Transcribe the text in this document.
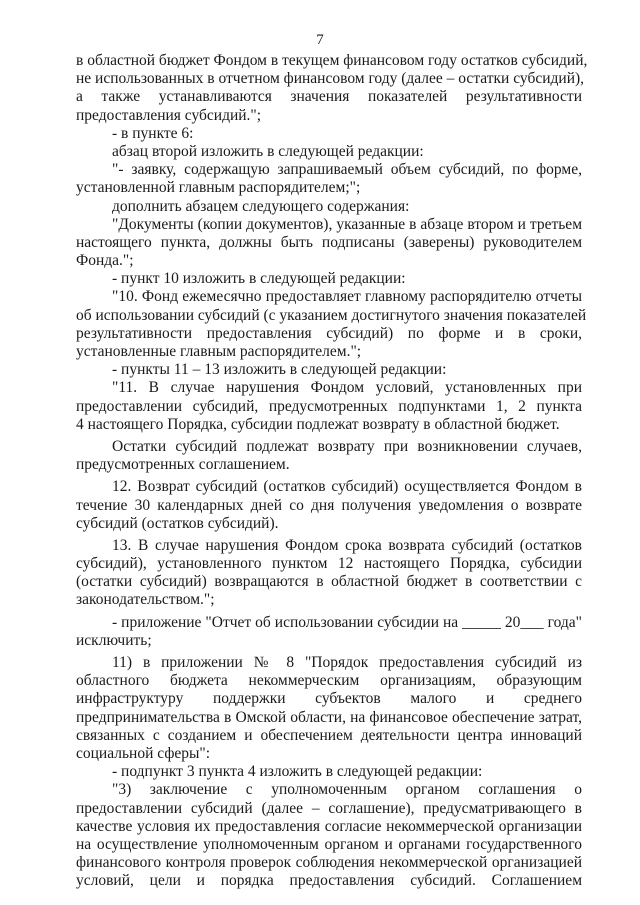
7
в областной бюджет Фондом в текущем финансовом году остатков субсидий,
не использованных в отчетном финансовом году (далее – остатки субсидий),
а также устанавливаются значения показателей результативности
предоставления субсидий.";
- в пункте 6:
абзац второй изложить в следующей редакции:
"- заявку, содержащую запрашиваемый объем субсидий, по форме,
установленной главным распорядителем;";
дополнить абзацем следующего содержания:
"Документы (копии документов), указанные в абзаце втором и третьем
настоящего пункта, должны быть подписаны (заверены) руководителем
Фонда.";
- пункт 10 изложить в следующей редакции:
"10. Фонд ежемесячно предоставляет главному распорядителю отчеты
об использовании субсидий (с указанием достигнутого значения показателей
результативности предоставления субсидий) по форме и в сроки,
установленные главным распорядителем.";
- пункты 11 – 13 изложить в следующей редакции:
"11. В случае нарушения Фондом условий, установленных при
предоставлении субсидий, предусмотренных подпунктами 1, 2 пункта
4 настоящего Порядка, субсидии подлежат возврату в областной бюджет.
Остатки субсидий подлежат возврату при возникновении случаев,
предусмотренных соглашением.
12. Возврат субсидий (остатков субсидий) осуществляется Фондом в
течение 30 календарных дней со дня получения уведомления о возврате
субсидий (остатков субсидий).
13. В случае нарушения Фондом срока возврата субсидий (остатков
субсидий), установленного пунктом 12 настоящего Порядка, субсидии
(остатки субсидий) возвращаются в областной бюджет в соответствии с
законодательством.";
- приложение "Отчет об использовании субсидии на _____ 20___ года"
исключить;
11) в приложении № 8 "Порядок предоставления субсидий из
областного бюджета некоммерческим организациям, образующим
инфраструктуру поддержки субъектов малого и среднего
предпринимательства в Омской области, на финансовое обеспечение затрат,
связанных с созданием и обеспечением деятельности центра инноваций
социальной сферы":
- подпункт 3 пункта 4 изложить в следующей редакции:
"3) заключение с уполномоченным органом соглашения о
предоставлении субсидий (далее – соглашение), предусматривающего в
качестве условия их предоставления согласие некоммерческой организации
на осуществление уполномоченным органом и органами государственного
финансового контроля проверок соблюдения некоммерческой организацией
условий, цели и порядка предоставления субсидий. Соглашением
